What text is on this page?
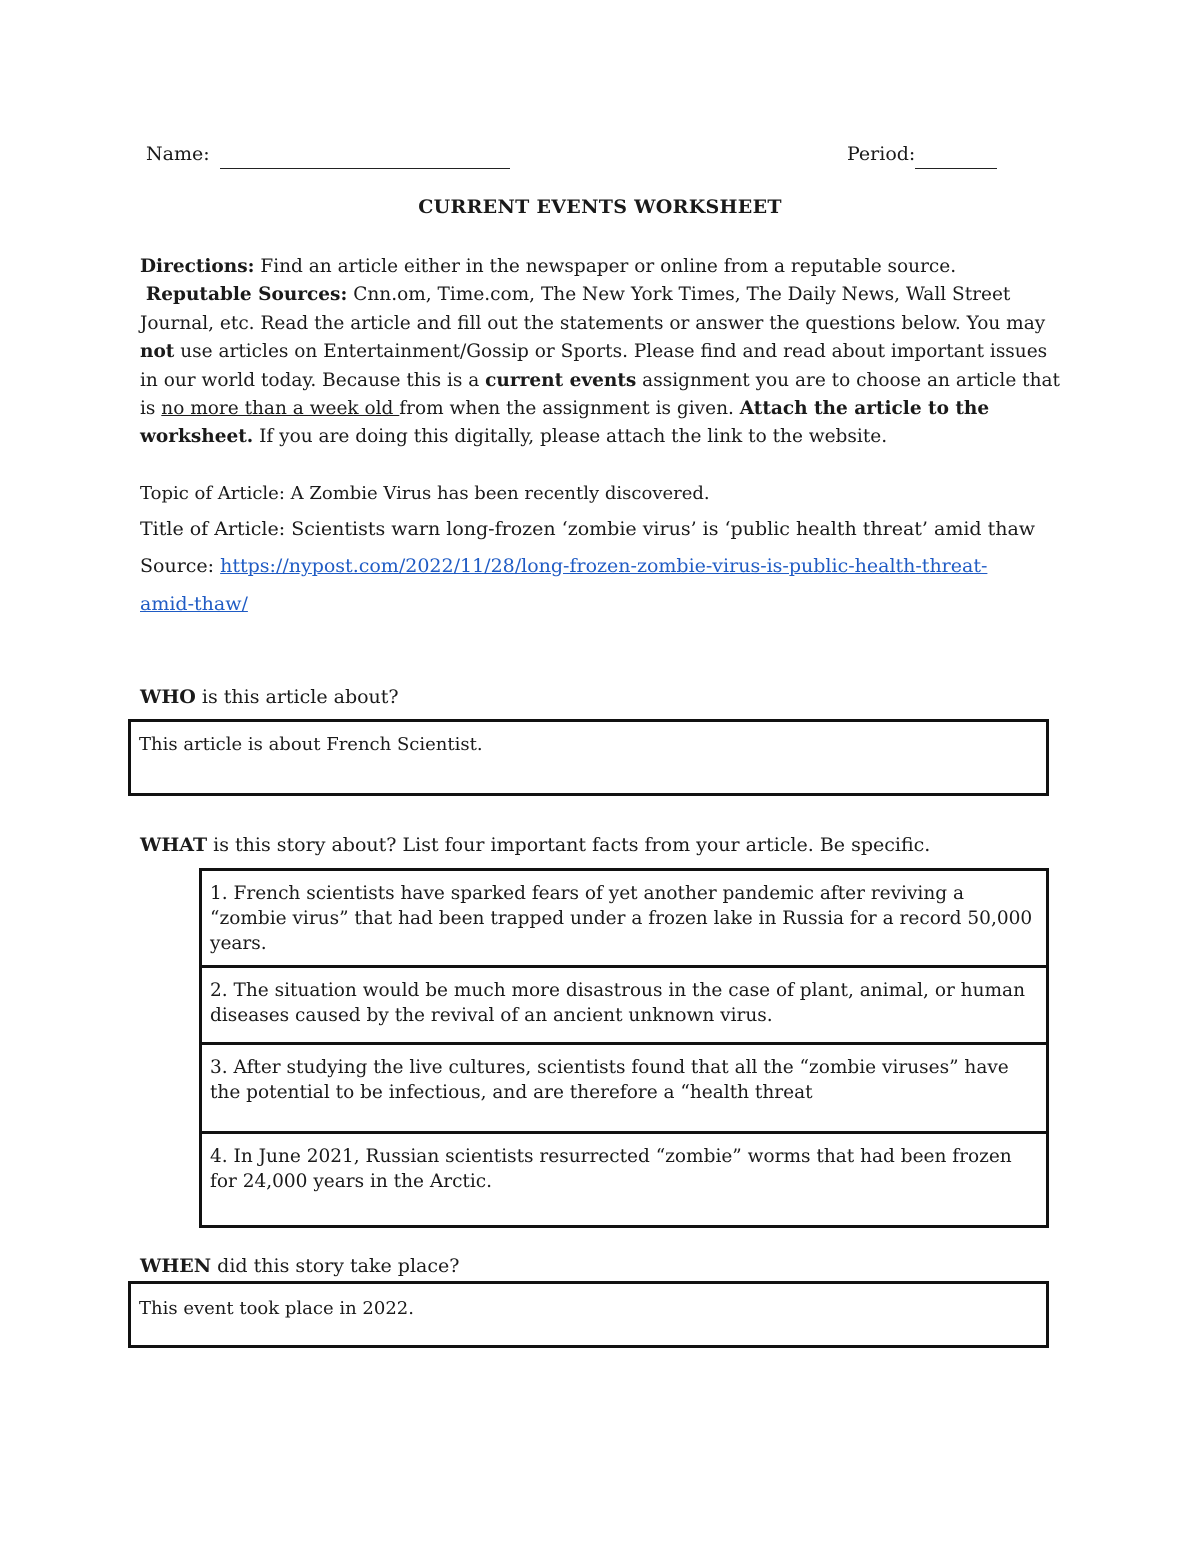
Name:	Period:
CURRENT EVENTS WORKSHEET
Directions: Find an article either in the newspaper or online from a reputable source.
Reputable Sources: Cnn.om, Time.com, The New York Times, The Daily News, Wall Street Journal, etc. Read the article and fill out the statements or answer the questions below. You may not use articles on Entertainment/Gossip or Sports. Please find and read about important issues in our world today. Because this is a current events assignment you are to choose an article that is no more than a week old from when the assignment is given. Attach the article to the worksheet. If you are doing this digitally, please attach the link to the website.
Topic of Article: A Zombie Virus has been recently discovered.
Title of Article: Scientists warn long-frozen ‘zombie virus’ is ‘public health threat’ amid thaw
Source: https://nypost.com/2022/11/28/long-frozen-zombie-virus-is-public-health-threat-
amid-thaw/
WHO is this article about?
This article is about French Scientist.
WHAT is this story about? List four important facts from your article. Be specific.
1. French scientists have sparked fears of yet another pandemic after reviving a “zombie virus” that had been trapped under a frozen lake in Russia for a record 50,000 years.
2. The situation would be much more disastrous in the case of plant, animal, or human diseases caused by the revival of an ancient unknown virus.
3. After studying the live cultures, scientists found that all the “zombie viruses” have the potential to be infectious, and are therefore a “health threat
4. In June 2021, Russian scientists resurrected “zombie” worms that had been frozen for 24,000 years in the Arctic.
WHEN did this story take place?
This event took place in 2022.
